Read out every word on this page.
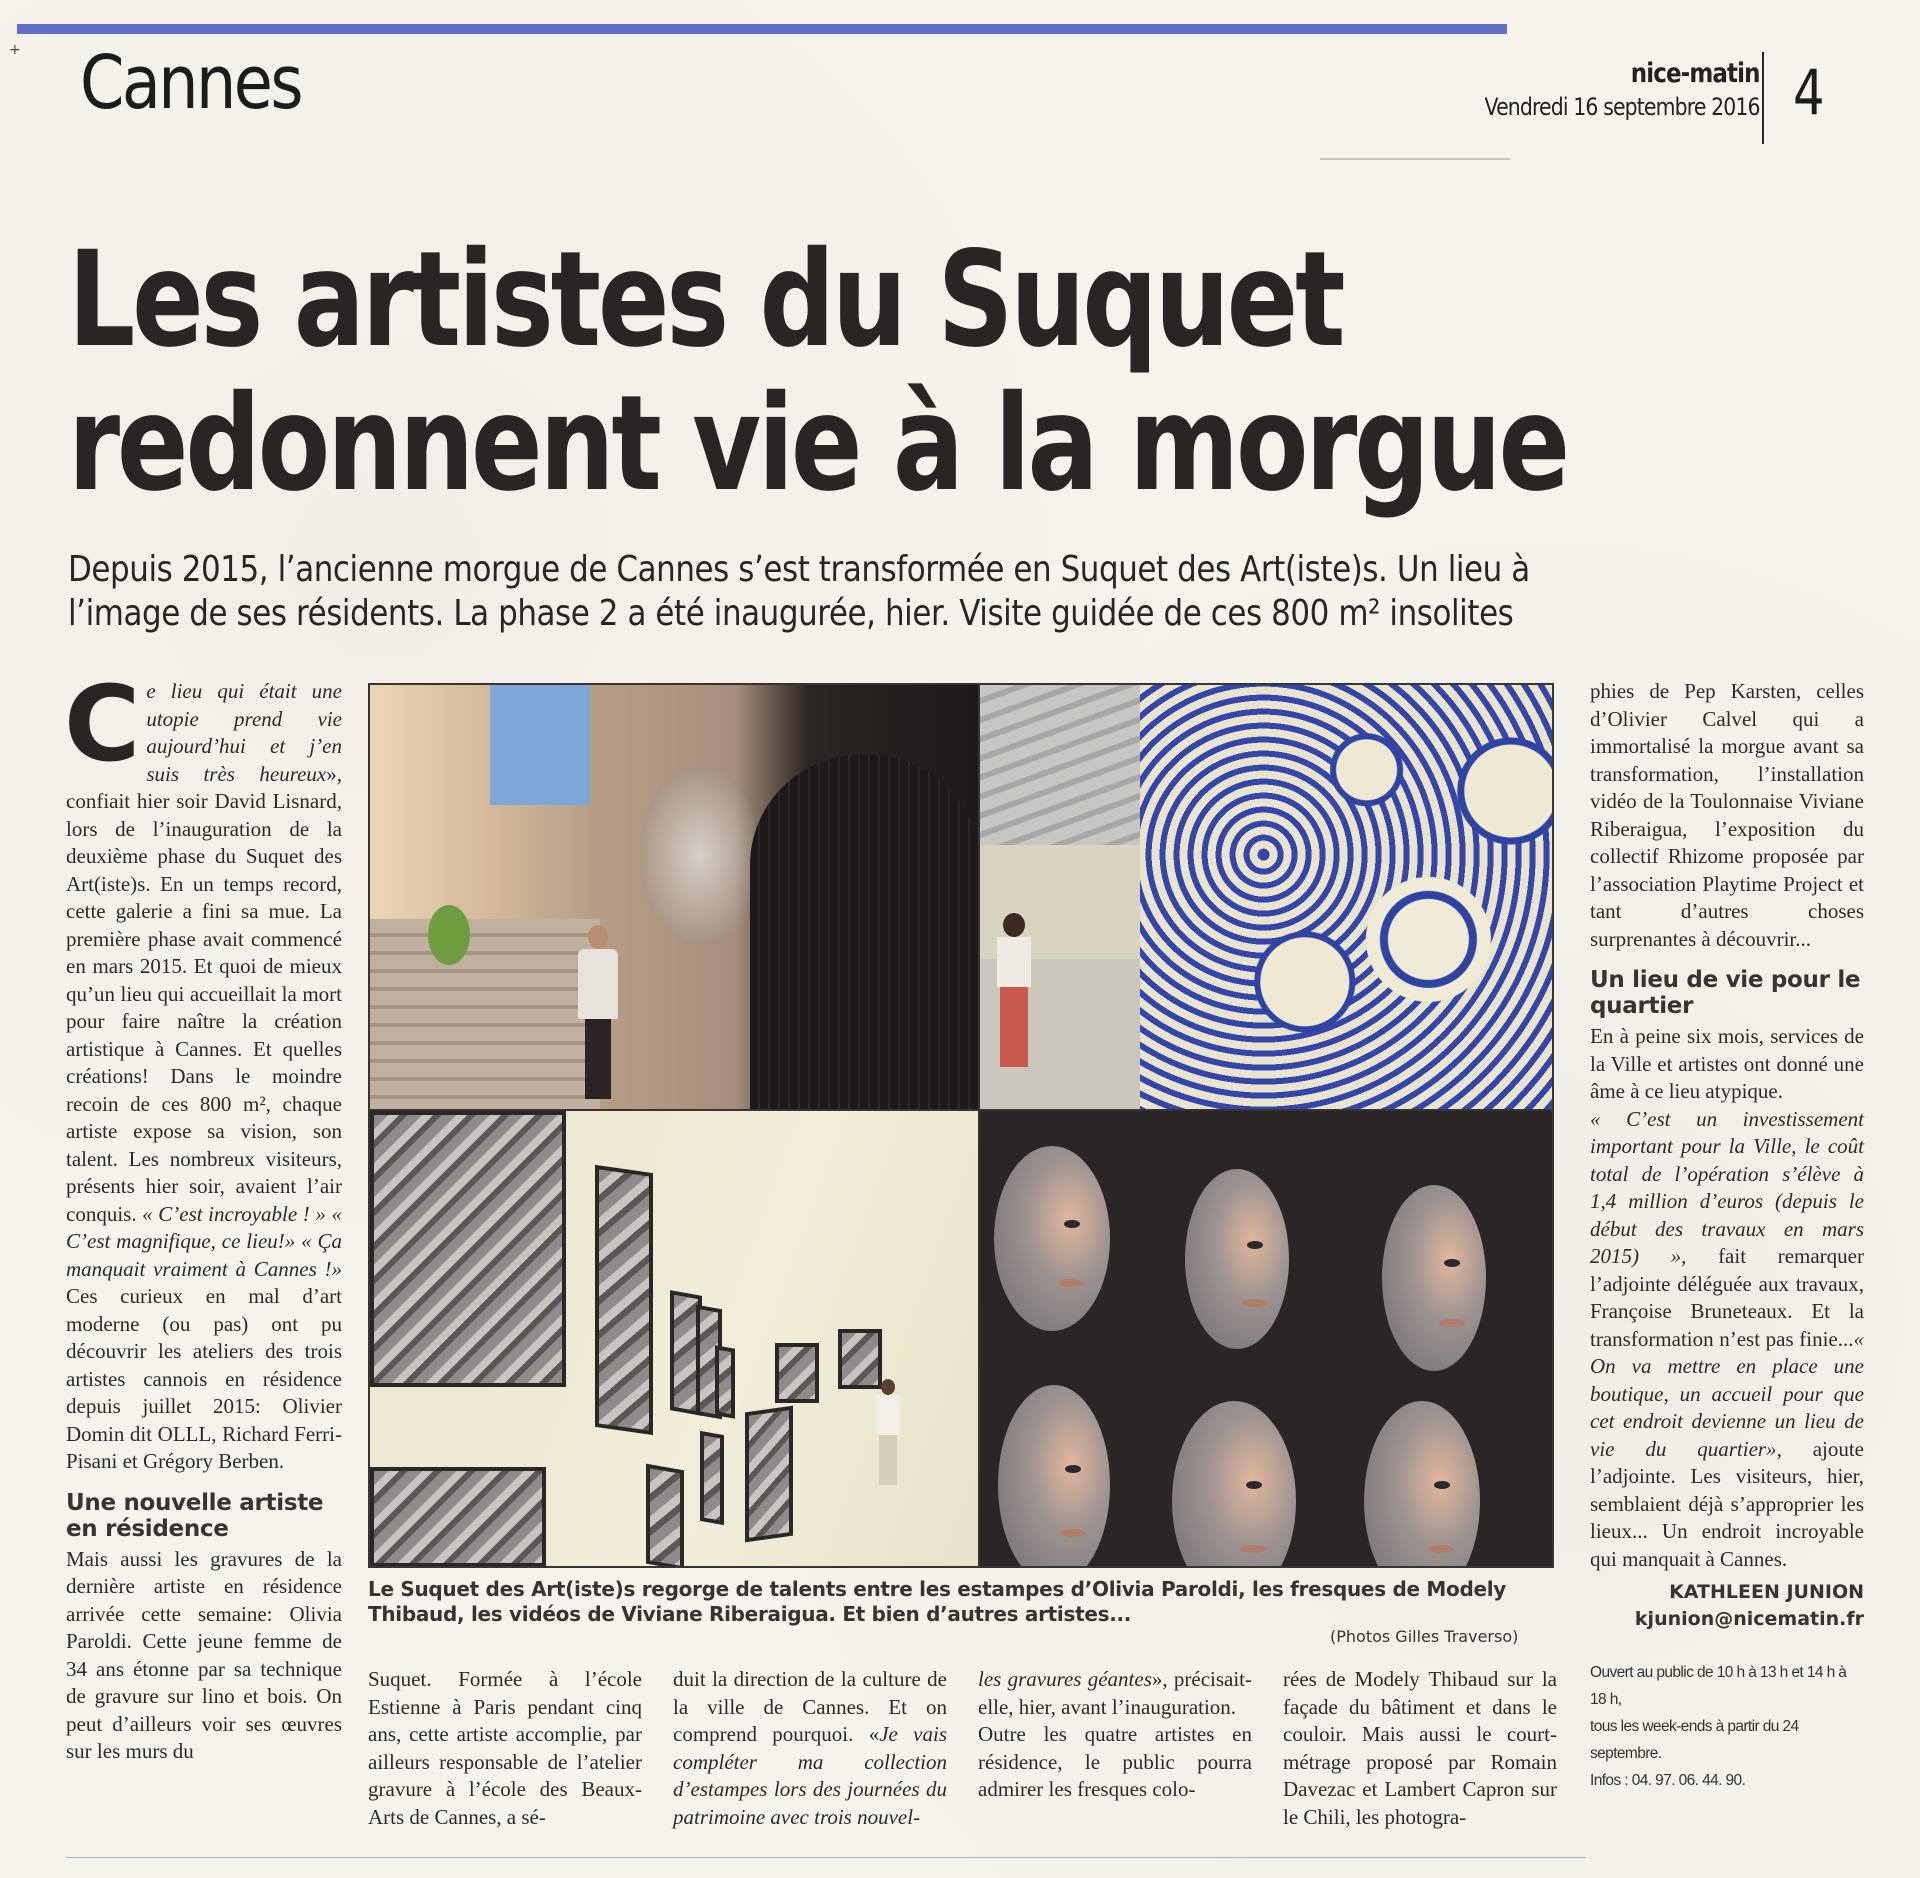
+ Cannes	nice-matin
Vendredi 16 septembre 2016 4
Les artistes du Suquet
redonnent vie à la morgue
Depuis 2015, l’ancienne morgue de Cannes s’est transformée en Suquet des Art(iste)s. Un lieu à
l’image de ses résidents. La phase 2 a été inaugurée, hier. Visite guidée de ces 800 m² insolites

Ce lieu qui était une utopie prend vie aujourd’hui et j’en suis très heureux», confiait hier soir David Lisnard, lors de l’inauguration de la deuxième phase du Suquet des Art(iste)s. En un temps record, cette galerie a fini sa mue. La première phase avait commencé en mars 2015. Et quoi de mieux qu’un lieu qui accueillait la mort pour faire naître la création artistique à Cannes. Et quelles créations! Dans le moindre recoin de ces 800 m², chaque artiste expose sa vision, son talent. Les nombreux visiteurs, présents hier soir, avaient l’air conquis. « C’est incroyable ! » « C’est magnifique, ce lieu!» « Ça manquait vraiment à Cannes !» Ces curieux en mal d’art moderne (ou pas) ont pu découvrir les ateliers des trois artistes cannois en résidence depuis juillet 2015: Olivier Domin dit OLLL, Richard Ferri-Pisani et Grégory Berben.

Une nouvelle artiste en résidence

Mais aussi les gravures de la dernière artiste en résidence arrivée cette semaine: Olivia Paroldi. Cette jeune femme de 34 ans étonne par sa technique de gravure sur lino et bois. On peut d’ailleurs voir ses œuvres sur les murs du

Suquet. Formée à l’école Estienne à Paris pendant cinq ans, cette artiste accomplie, par ailleurs responsable de l’atelier gravure à l’école des Beaux-Arts de Cannes, a sé-

duit la direction de la culture de la ville de Cannes. Et on comprend pourquoi. «Je vais compléter ma collection d’estampes lors des journées du patrimoine avec trois nouvel-

les gravures géantes», précisait-elle, hier, avant l’inauguration.

Outre les quatre artistes en résidence, le public pourra admirer les fresques colo-

rées de Modely Thibaud sur la façade du bâtiment et dans le couloir. Mais aussi le court-métrage proposé par Romain Davezac et Lambert Capron sur le Chili, les photogra-

phies de Pep Karsten, celles d’Olivier Calvel qui a immortalisé la morgue avant sa transformation, l’installation vidéo de la Toulonnaise Viviane Riberaigua, l’exposition du collectif Rhizome proposée par l’association Playtime Project et tant d’autres choses surprenantes à découvrir...

Un lieu de vie pour le quartier

En à peine six mois, services de la Ville et artistes ont donné une âme à ce lieu atypique.

« C’est un investissement important pour la Ville, le coût total de l’opération s’élève à 1,4 million d’euros (depuis le début des travaux en mars 2015) », fait remarquer l’adjointe déléguée aux travaux, Françoise Bruneteaux. Et la transformation n’est pas finie...« On va mettre en place une boutique, un accueil pour que cet endroit devienne un lieu de vie du quartier», ajoute l’adjointe. Les visiteurs, hier, semblaient déjà s’approprier les lieux... Un endroit incroyable qui manquait à Cannes.

KATHLEEN JUNION
kjunion@nicematin.fr
Ouvert au public de 10 h à 13 h et 14 h à 18 h,
tous les week-ends à partir du 24 septembre.
Infos : 04. 97. 06. 44. 90.
Le Suquet des Art(iste)s regorge de talents entre les estampes d’Olivia Paroldi, les fresques de Modely Thibaud, les vidéos de Viviane Riberaigua. Et bien d’autres artistes...
(Photos Gilles Traverso)
